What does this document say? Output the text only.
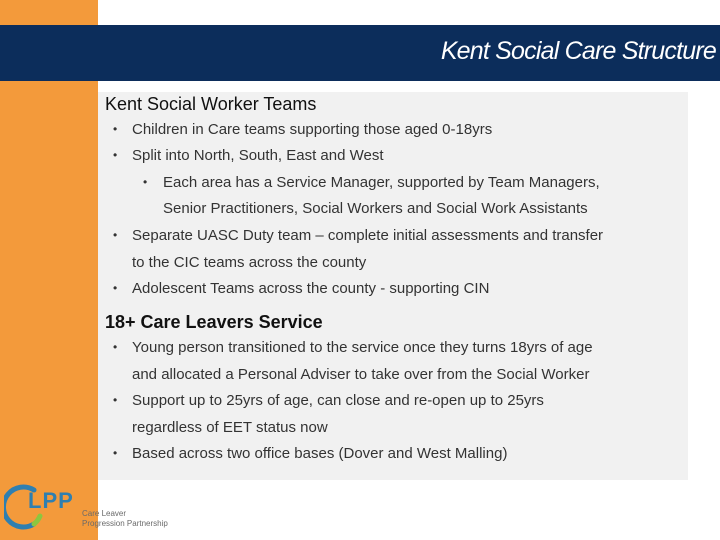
Kent Social Care Structure
Kent Social Worker Teams
• Children in Care teams supporting those aged 0-18yrs
• Split into North, South, East and West
• Each area has a Service Manager, supported by Team Managers,
Senior Practitioners, Social Workers and Social Work Assistants
• Separate UASC Duty team – complete initial assessments and transfer
to the CIC teams across the county
• Adolescent Teams across the county - supporting CIN
18+ Care Leavers Service
• Young person transitioned to the service once they turns 18yrs of age
and allocated a Personal Adviser to take over from the Social Worker
• Support up to 25yrs of age, can close and re-open up to 25yrs
regardless of EET status now
• Based across two office bases (Dover and West Malling)
LPP
Care Leaver
Progression Partnership
